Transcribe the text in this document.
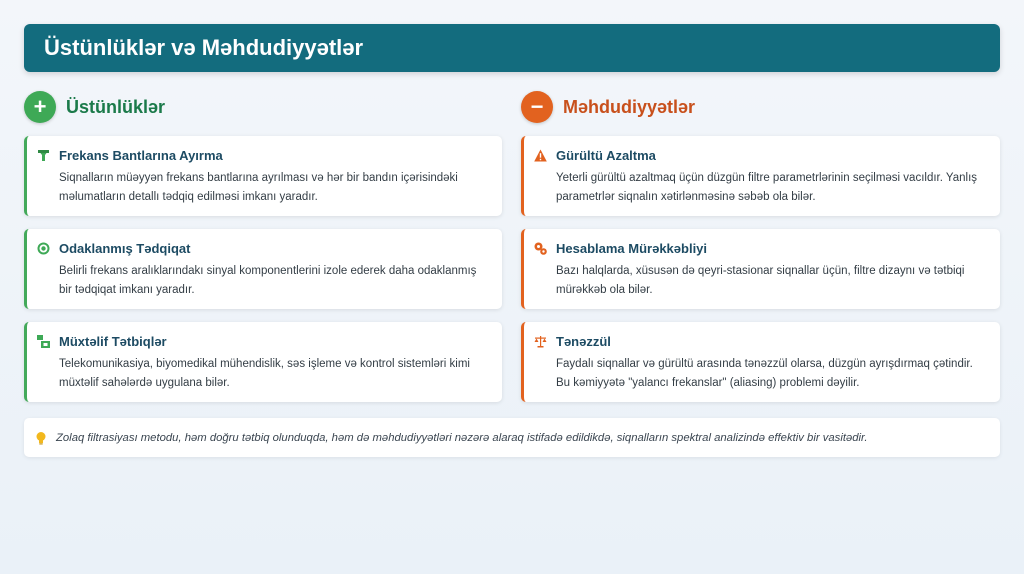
Üstünlüklər və Məhdudiyyətlər
+	Üstünlüklər	−	Məhdudiyyətlər
Frekans Bantlarına Ayırma
Siqnalların müəyyən frekans bantlarına ayrılması və hər bir bandın içərisindəki məlumatların detallı tədqiq edilməsi imkanı yaradır.
Odaklanmış Tədqiqat
Belirli frekans aralıklarındakı sinyal komponentlerini izole ederek daha odaklanmış bir tədqiqat imkanı yaradır.
Müxtəlif Tətbiqlər
Telekomunikasiya, biyomedikal mühendislik, səs işleme və kontrol sistemləri kimi müxtəlif sahələrdə uygulana bilər.
Gürültü Azaltma
Yeterli gürültü azaltmaq üçün düzgün filtre parametrlərinin seçilməsi vacıldır. Yanlış parametrlər siqnalın xətirlənməsinə səbəb ola bilər.
Hesablama Mürəkkəbliyi
Bazı halqlarda, xüsusən də qeyri-stasionar siqnallar üçün, filtre dizaynı və tətbiqi mürəkkəb ola bilər.
Tənəzzül
Faydalı siqnallar və gürültü arasında tənəzzül olarsa, düzgün ayrışdırmaq çətindir. Bu kəmiyyətə "yalancı frekanslar" (aliasing) problemi dəyilir.
Zolaq filtrasiyası metodu, həm doğru tətbiq olunduqda, həm də məhdudiyyətləri nəzərə alaraq istifadə edildikdə, siqnalların spektral analizində effektiv bir vasitədir.
